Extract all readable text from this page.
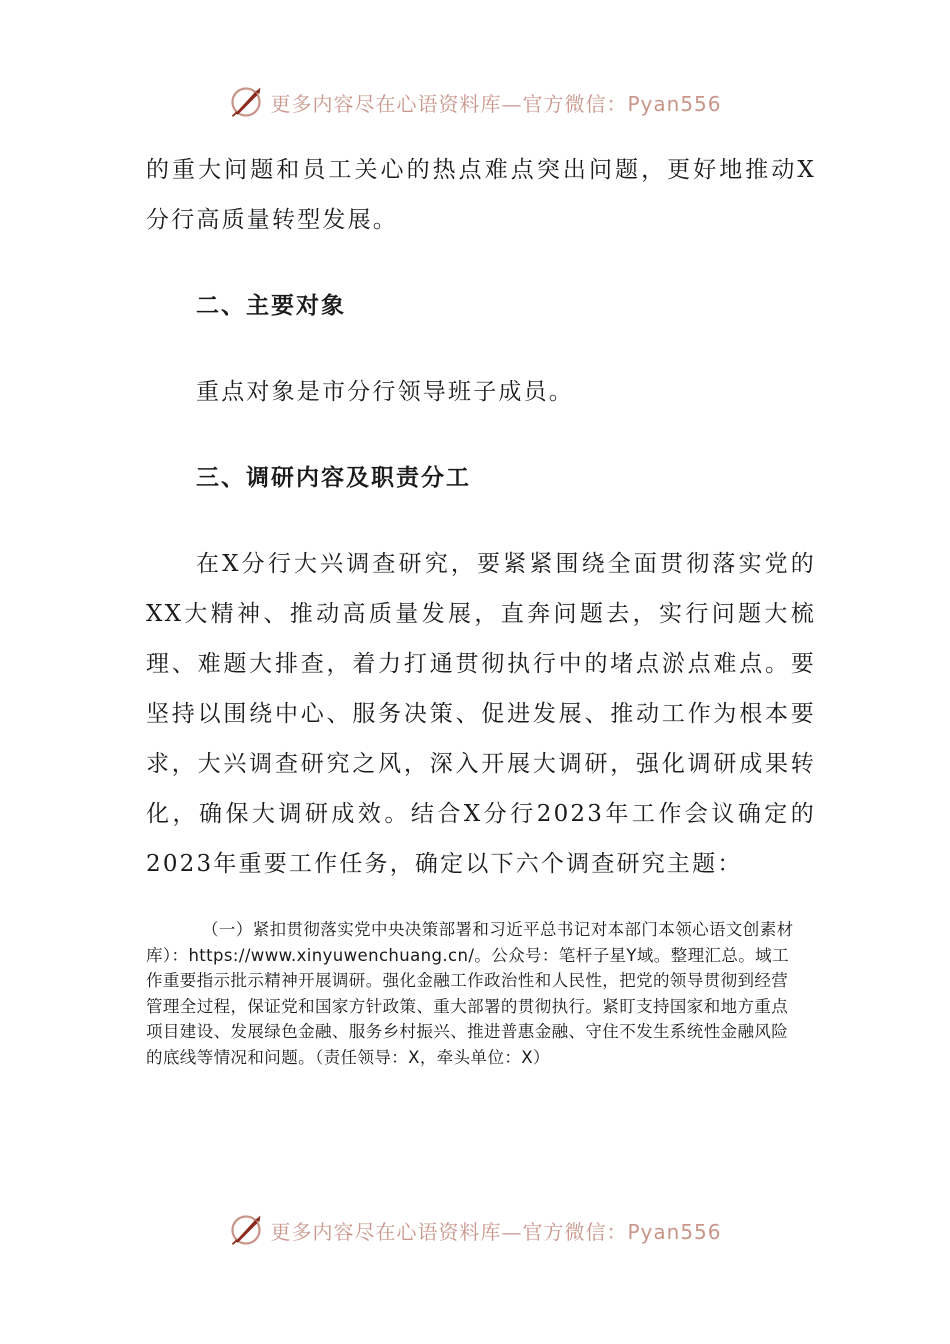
更多内容尽在心语资料库—官方微信：Pyan556

的重大问题和员工关心的热点难点突出问题，更好地推动X分行高质量转型发展。

二、主要对象

重点对象是市分行领导班子成员。

三、调研内容及职责分工

在X分行大兴调查研究，要紧紧围绕全面贯彻落实党的XX大精神、推动高质量发展，直奔问题去，实行问题大梳理、难题大排查，着力打通贯彻执行中的堵点淤点难点。要坚持以围绕中心、服务决策、促进发展、推动工作为根本要求，大兴调查研究之风，深入开展大调研，强化调研成果转化，确保大调研成效。结合X分行2023年工作会议确定的2023年重要工作任务，确定以下六个调查研究主题：

（一）紧扣贯彻落实党中央决策部署和习近平总书记对本部门本领心语文创素材库）：https://www.xinyuwenchuang.cn/。公众号：笔杆子星Y域。整理汇总。域工作重要指示批示精神开展调研。强化金融工作政治性和人民性，把党的领导贯彻到经营管理全过程，保证党和国家方针政策、重大部署的贯彻执行。紧盯支持国家和地方重点项目建设、发展绿色金融、服务乡村振兴、推进普惠金融、守住不发生系统性金融风险的底线等情况和问题。（责任领导：X，牵头单位：X）

更多内容尽在心语资料库—官方微信：Pyan556
